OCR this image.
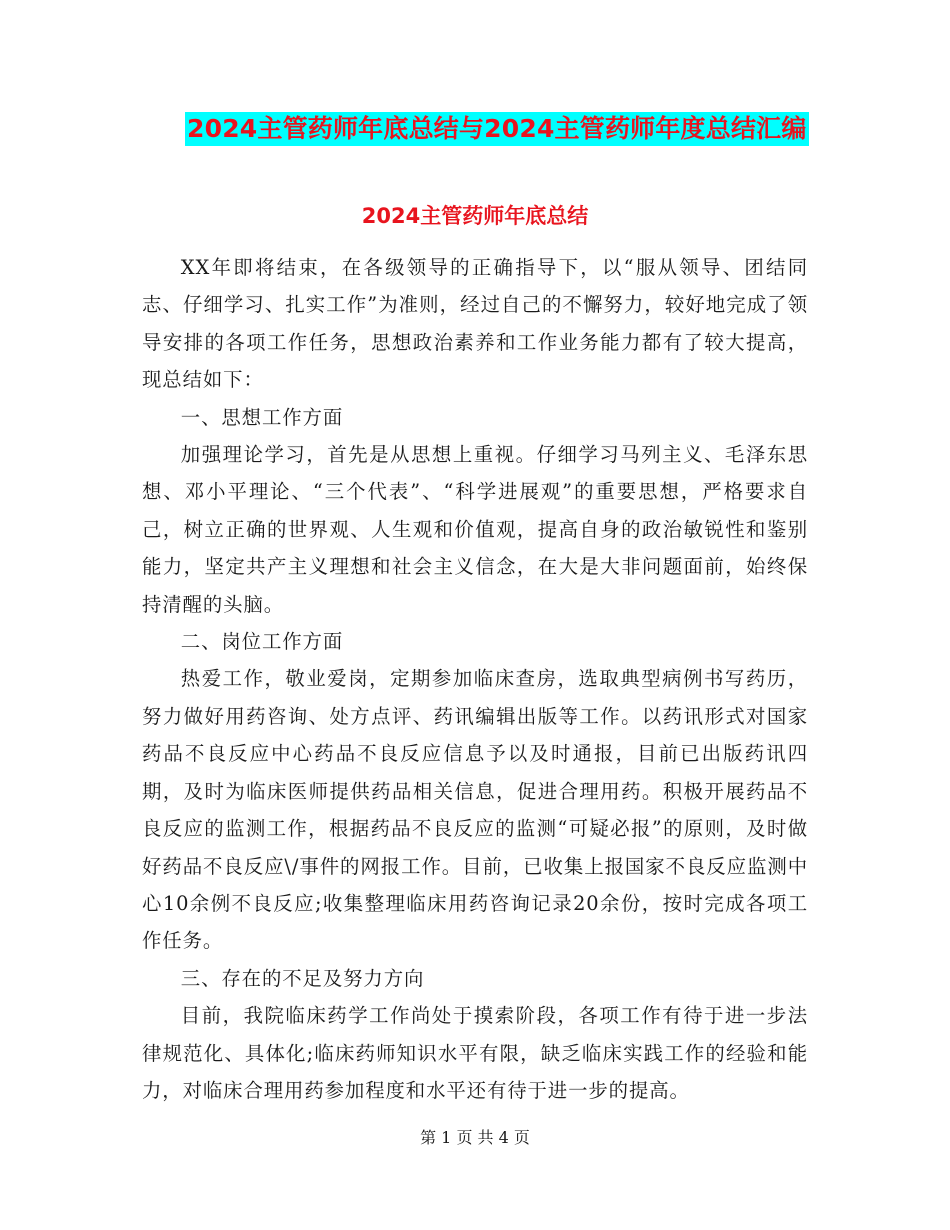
2024主管药师年底总结与2024主管药师年度总结汇编
2024主管药师年底总结

XX年即将结束，在各级领导的正确指导下，以“服从领导、团结同志、仔细学习、扎实工作”为准则，经过自己的不懈努力，较好地完成了领导安排的各项工作任务，思想政治素养和工作业务能力都有了较大提高，现总结如下：

一、思想工作方面

加强理论学习，首先是从思想上重视。仔细学习马列主义、毛泽东思想、邓小平理论、“三个代表”、“科学进展观”的重要思想，严格要求自己，树立正确的世界观、人生观和价值观，提高自身的政治敏锐性和鉴别能力，坚定共产主义理想和社会主义信念，在大是大非问题面前，始终保持清醒的头脑。

二、岗位工作方面

热爱工作，敬业爱岗，定期参加临床查房，选取典型病例书写药历，努力做好用药咨询、处方点评、药讯编辑出版等工作。以药讯形式对国家药品不良反应中心药品不良反应信息予以及时通报，目前已出版药讯四期，及时为临床医师提供药品相关信息，促进合理用药。积极开展药品不良反应的监测工作，根据药品不良反应的监测“可疑必报”的原则，及时做好药品不良反应\/事件的网报工作。目前，已收集上报国家不良反应监测中心10余例不良反应;收集整理临床用药咨询记录20余份，按时完成各项工作任务。

三、存在的不足及努力方向

目前，我院临床药学工作尚处于摸索阶段，各项工作有待于进一步法律规范化、具体化;临床药师知识水平有限，缺乏临床实践工作的经验和能力，对临床合理用药参加程度和水平还有待于进一步的提高。

第 1 页 共 4 页
